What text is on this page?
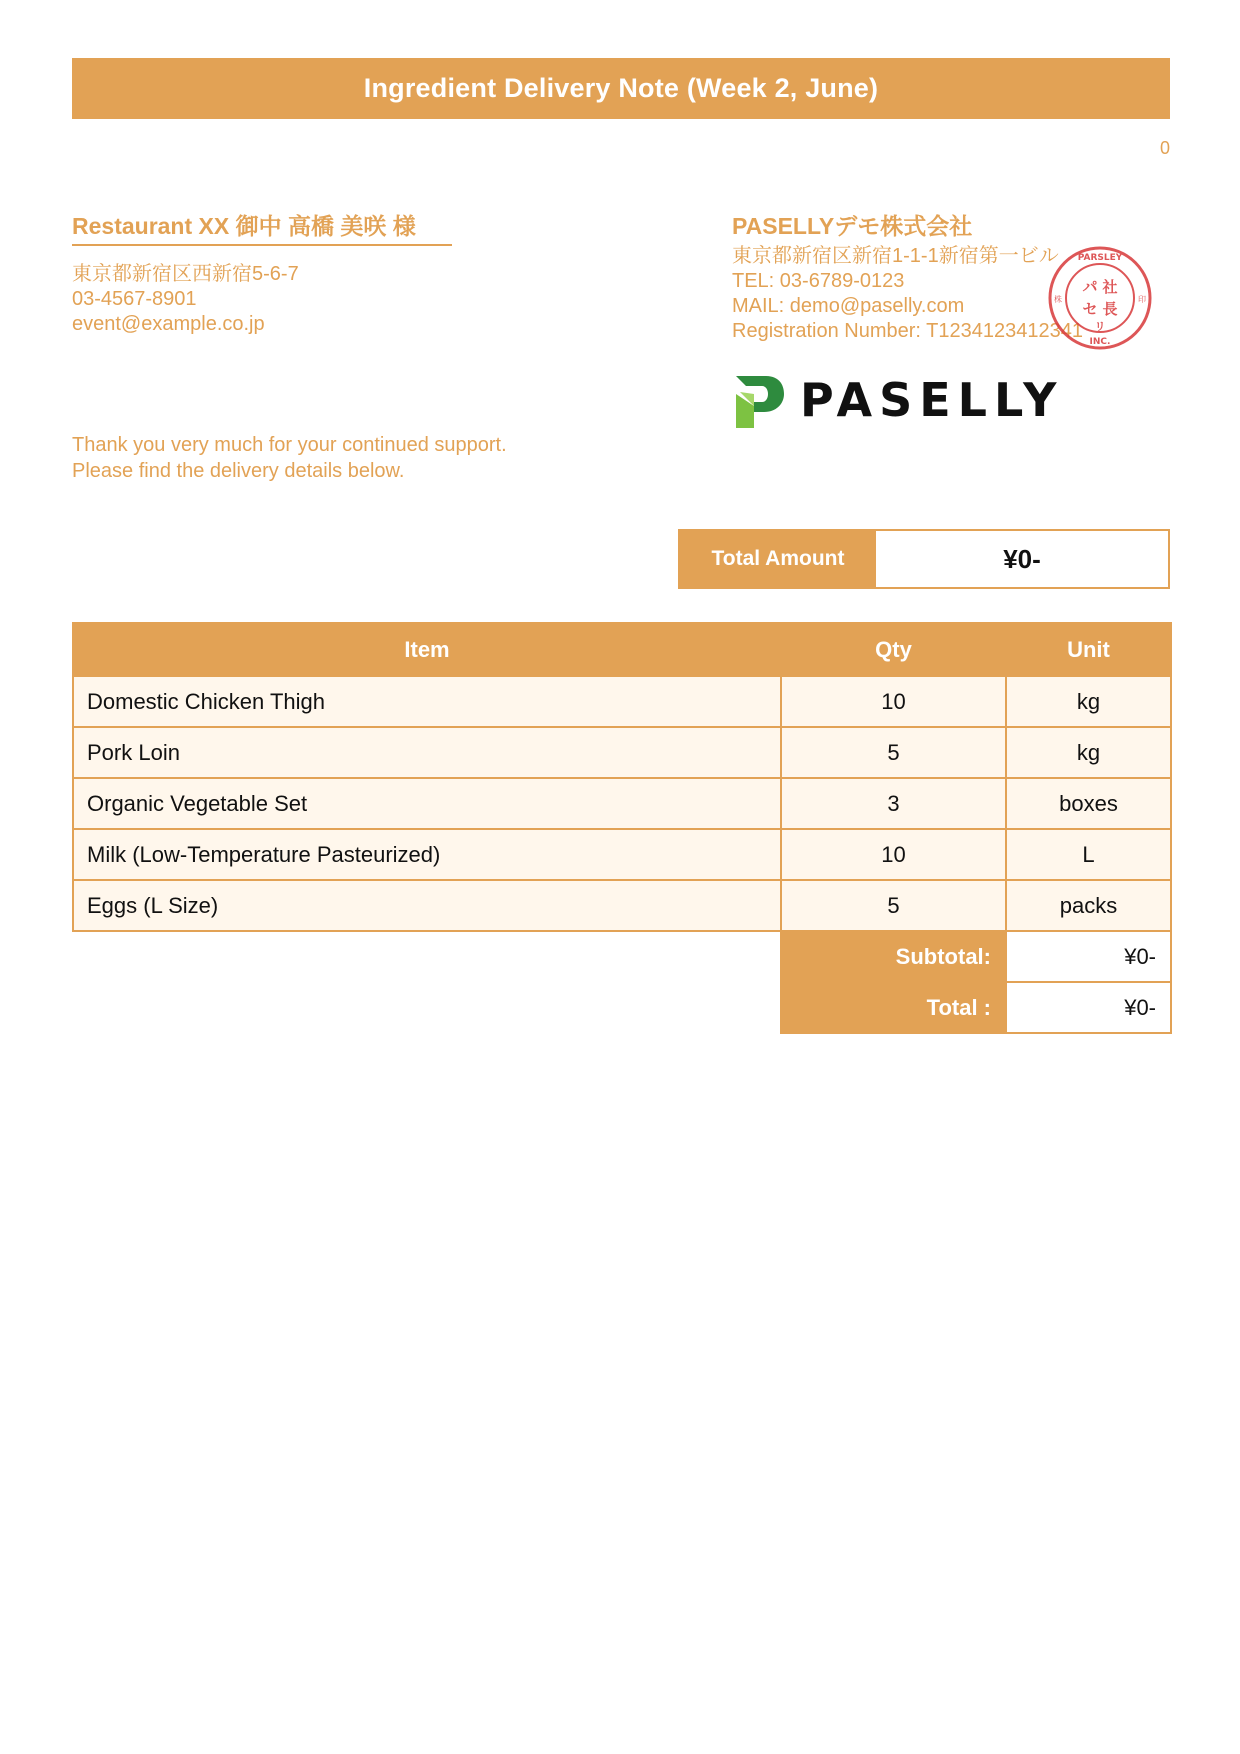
Ingredient Delivery Note (Week 2, June)
0
Restaurant XX 御中 高橋 美咲 様
東京都新宿区西新宿5-6-7
03-4567-8901
event@example.co.jp
Thank you very much for your continued support.
Please find the delivery details below.
PASELLYデモ株式会社
東京都新宿区新宿1-1-1新宿第一ビル
TEL: 03-6789-0123
MAIL: demo@paselly.com
Registration Number: T1234123412341
PARSLEY
INC.
株	印
パ 社
セ 長
リ
PASELLY
Total Amount	¥0-
Item	Qty	Unit
Domestic Chicken Thigh	10	kg
Pork Loin	5	kg
Organic Vegetable Set	3	boxes
Milk (Low-Temperature Pasteurized)	10	L
Eggs (L Size)	5	packs
	Subtotal:	¥0-
	Total :	¥0-
